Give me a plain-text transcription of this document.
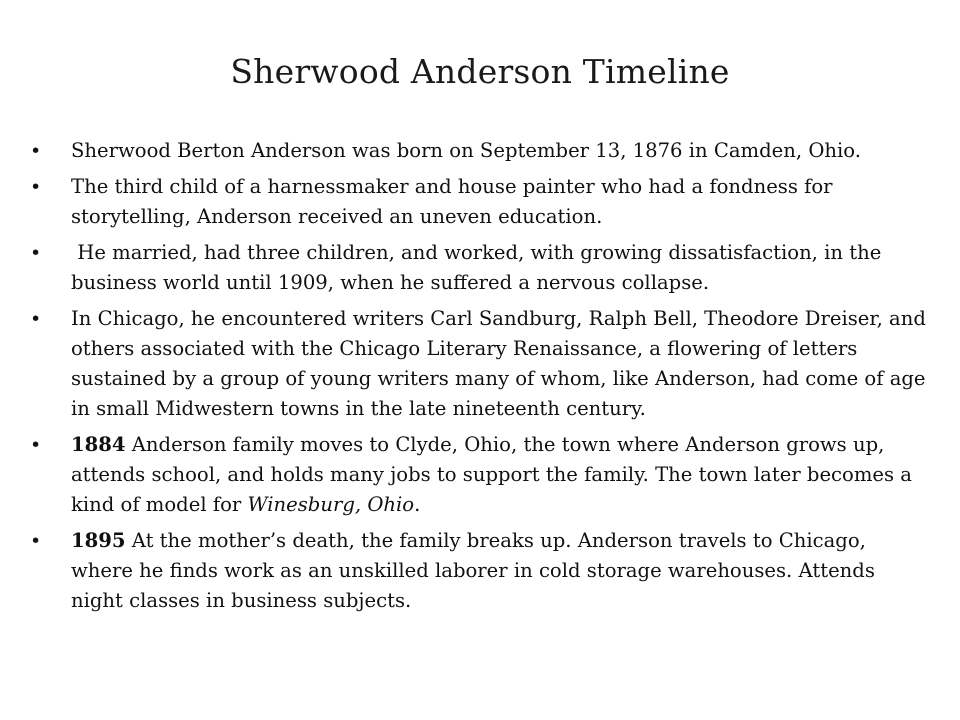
Sherwood Anderson Timeline
• Sherwood Berton Anderson was born on September 13, 1876 in Camden, Ohio.
• The third child of a harnessmaker and house painter who had a fondness for storytelling, Anderson received an uneven education.
• He married, had three children, and worked, with growing dissatisfaction, in the business world until 1909, when he suffered a nervous collapse.
• In Chicago, he encountered writers Carl Sandburg, Ralph Bell, Theodore Dreiser, and others associated with the Chicago Literary Renaissance, a flowering of letters sustained by a group of young writers many of whom, like Anderson, had come of age in small Midwestern towns in the late nineteenth century.
• 1884 Anderson family moves to Clyde, Ohio, the town where Anderson grows up, attends school, and holds many jobs to support the family. The town later becomes a kind of model for Winesburg, Ohio.
• 1895 At the mother’s death, the family breaks up. Anderson travels to Chicago, where he finds work as an unskilled laborer in cold storage warehouses. Attends night classes in business subjects.
